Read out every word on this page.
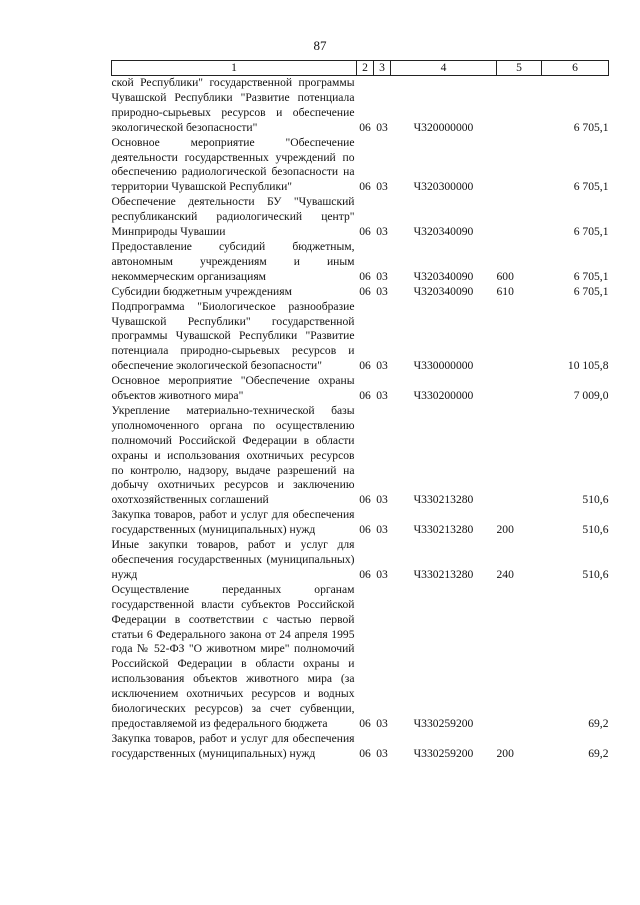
87
1	2	3	4	5	6
ской Республики" государственной программы Чувашской Республики "Развитие потенциала природно-сырьевых ресурсов и обеспечение экологической безопасности"	06	03	Ч320000000		6 705,1
Основное мероприятие "Обеспечение деятельности государственных учреждений по обеспечению радиологической безопасности на территории Чувашской Республики"	06	03	Ч320300000		6 705,1
Обеспечение деятельности БУ "Чувашский республиканский радиологический центр" Минприроды Чувашии	06	03	Ч320340090		6 705,1
Предоставление субсидий бюджетным, автономным учреждениям и иным некоммерческим организациям	06	03	Ч320340090	600	6 705,1
Субсидии бюджетным учреждениям	06	03	Ч320340090	610	6 705,1
Подпрограмма "Биологическое разнообразие Чувашской Республики" государственной программы Чувашской Республики "Развитие потенциала природно-сырьевых ресурсов и обеспечение экологической безопасности"	06	03	Ч330000000		10 105,8
Основное мероприятие "Обеспечение охраны объектов животного мира"	06	03	Ч330200000		7 009,0
Укрепление материально-технической базы уполномоченного органа по осуществлению полномочий Российской Федерации в области охраны и использования охотничьих ресурсов по контролю, надзору, выдаче разрешений на добычу охотничьих ресурсов и заключению охотхозяйственных соглашений	06	03	Ч330213280		510,6
Закупка товаров, работ и услуг для обеспечения государственных (муниципальных) нужд	06	03	Ч330213280	200	510,6
Иные закупки товаров, работ и услуг для обеспечения государственных (муниципальных) нужд	06	03	Ч330213280	240	510,6
Осуществление переданных органам государственной власти субъектов Российской Федерации в соответствии с частью первой статьи 6 Федерального закона от 24 апреля 1995 года № 52-ФЗ "О животном мире" полномочий Российской Федерации в области охраны и использования объектов животного мира (за исключением охотничьих ресурсов и водных биологических ресурсов) за счет субвенции, предоставляемой из федерального бюджета	06	03	Ч330259200		69,2
Закупка товаров, работ и услуг для обеспечения государственных (муниципальных) нужд	06	03	Ч330259200	200	69,2
